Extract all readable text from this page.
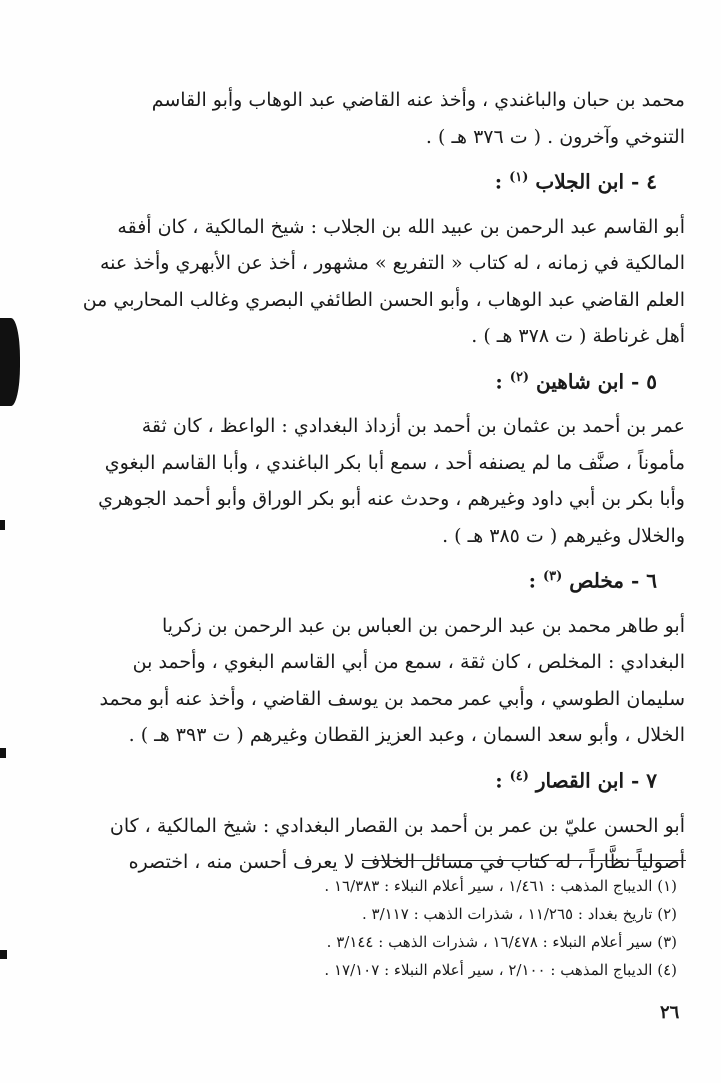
محمد بن حبان والباغندي ، وأخذ عنه القاضي عبد الوهاب وأبو القاسم
التنوخي وآخرون . ( ت ٣٧٦ هـ ) .

٤ - ابن الجلاب $^{(١)}$ :

أبو القاسم عبد الرحمن بن عبيد الله بن الجلاب : شيخ المالكية ، كان أفقه
المالكية في زمانه ، له كتاب « التفريع » مشهور ، أخذ عن الأبهري وأخذ عنه
العلم القاضي عبد الوهاب ، وأبو الحسن الطائفي البصري وغالب المحاربي من
أهل غرناطة ( ت ٣٧٨ هـ ) .

٥ - ابن شاهين $^{(٢)}$ :

عمر بن أحمد بن عثمان بن أحمد بن أزداذ البغدادي : الواعظ ، كان ثقة
مأموناً ، صنَّف ما لم يصنفه أحد ، سمع أبا بكر الباغندي ، وأبا القاسم البغوي
وأبا بكر بن أبي داود وغيرهم ، وحدث عنه أبو بكر الوراق وأبو أحمد الجوهري
والخلال وغيرهم ( ت ٣٨٥ هـ ) .

٦ - مخلص $^{(٣)}$ :

أبو طاهر محمد بن عبد الرحمن بن العباس بن عبد الرحمن بن زكريا
البغدادي : المخلص ، كان ثقة ، سمع من أبي القاسم البغوي ، وأحمد بن
سليمان الطوسي ، وأبي عمر محمد بن يوسف القاضي ، وأخذ عنه أبو محمد
الخلال ، وأبو سعد السمان ، وعبد العزيز القطان وغيرهم ( ت ٣٩٣ هـ ) .

٧ - ابن القصار $^{(٤)}$ :

أبو الحسن عليّ بن عمر بن أحمد بن القصار البغدادي : شيخ المالكية ، كان
أصولياً نظَّاراً ، له كتاب في مسائل الخلاف لا يعرف أحسن منه ، اختصره

(١) الديباج المذهب : ١/٤٦١ ، سير أعلام النبلاء : ١٦/٣٨٣ .

(٢) تاريخ بغداد : ١١/٢٦٥ ، شذرات الذهب : ٣/١١٧ .

(٣) سير أعلام النبلاء : ١٦/٤٧٨ ، شذرات الذهب : ٣/١٤٤ .

(٤) الديباج المذهب : ٢/١٠٠ ، سير أعلام النبلاء : ١٧/١٠٧ .

٢٦
